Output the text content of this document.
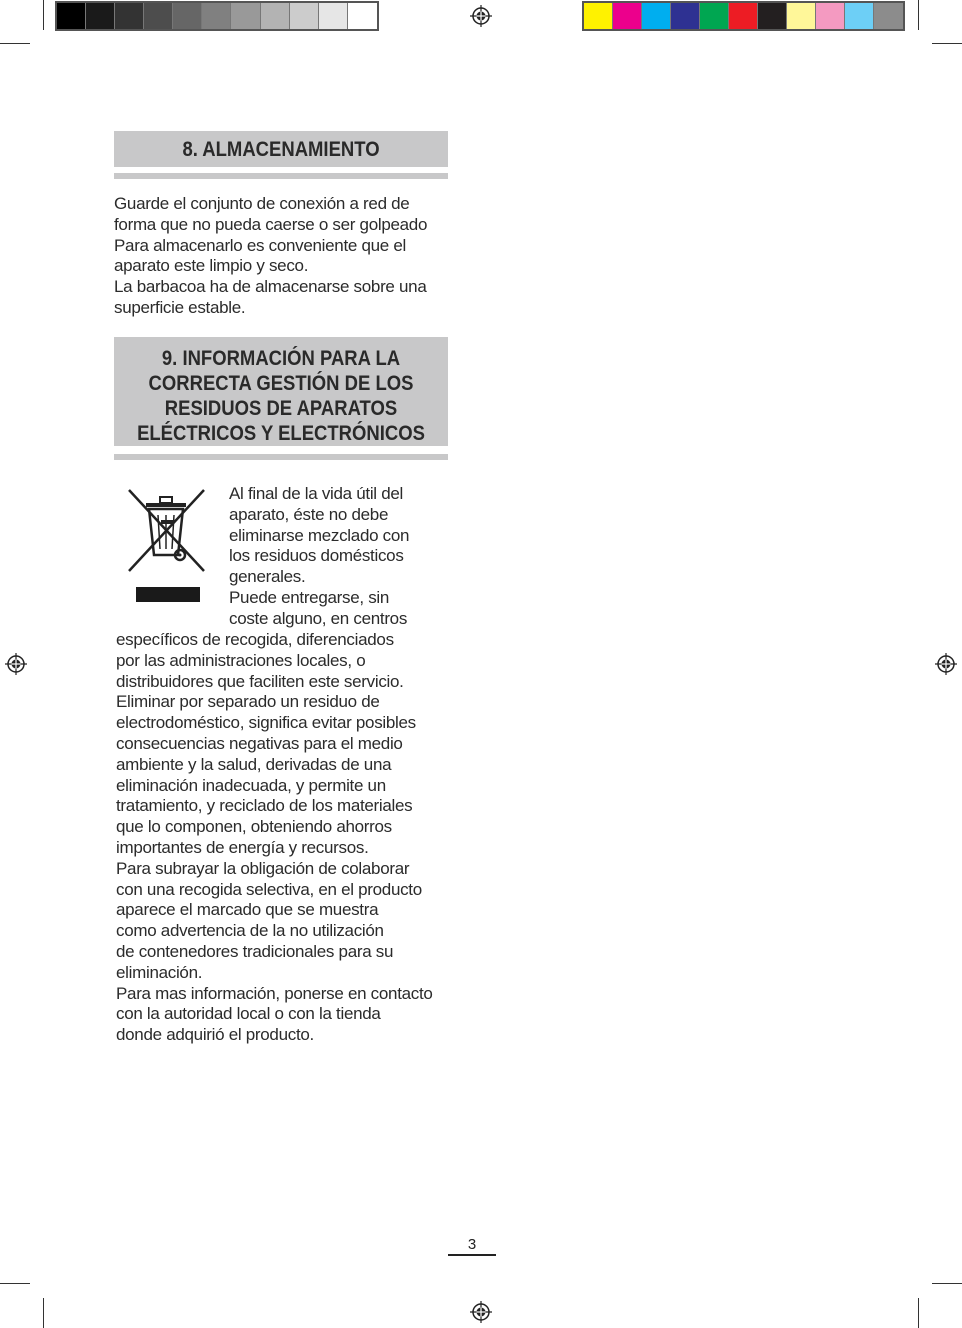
8. ALMACENAMIENTO
Guarde el conjunto de conexión a red de
forma que no pueda caerse o ser golpeado
Para almacenarlo es conveniente que el
aparato este limpio y seco.
La barbacoa ha de almacenarse sobre una
superficie estable.
9. INFORMACIÓN PARA LA
CORRECTA GESTIÓN DE LOS
RESIDUOS DE APARATOS
ELÉCTRICOS Y ELECTRÓNICOS
Al final de la vida útil del
aparato, éste no debe
eliminarse mezclado con
los residuos domésticos
generales.
Puede entregarse, sin
coste alguno, en centros
específicos de recogida, diferenciados
por las administraciones locales, o
distribuidores que faciliten este servicio.
Eliminar por separado un residuo de
electrodoméstico, significa evitar posibles
consecuencias negativas para el medio
ambiente y la salud, derivadas de una
eliminación inadecuada, y permite un
tratamiento, y reciclado de los materiales
que lo componen, obteniendo ahorros
importantes de energía y recursos.
Para subrayar la obligación de colaborar
con una recogida selectiva, en el producto
aparece el marcado que se muestra
como advertencia de la no utilización
de contenedores tradicionales para su
eliminación.
Para mas información, ponerse en contacto
con la autoridad local o con la tienda
donde adquirió el producto.
3
